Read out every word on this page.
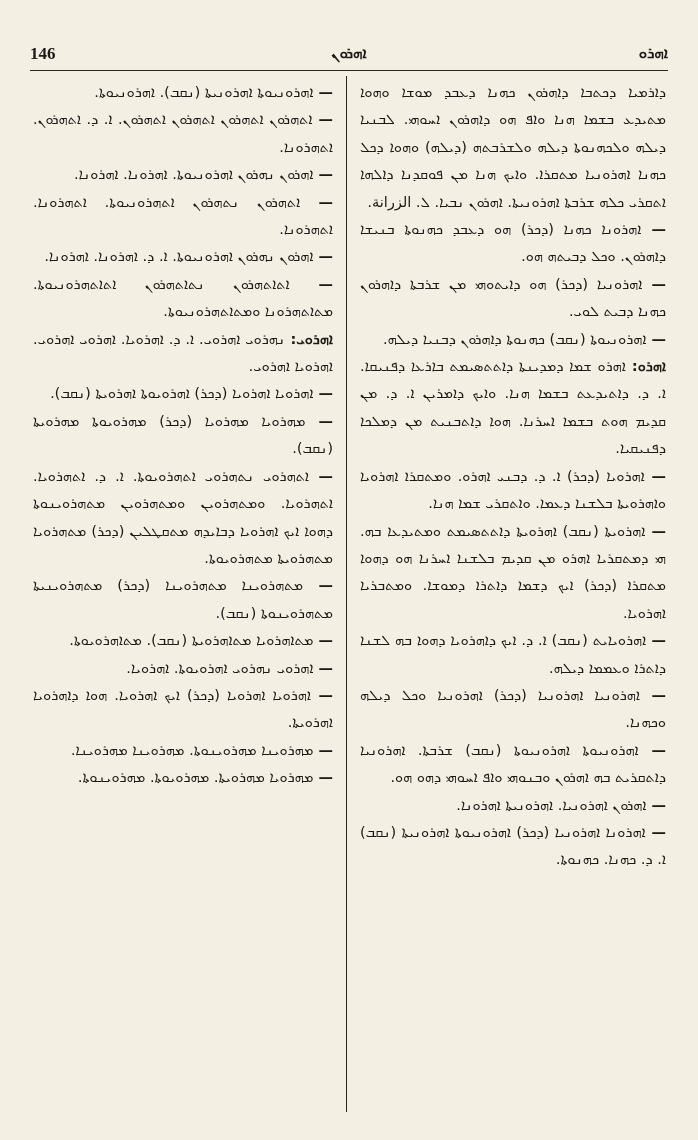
146	ܐܗܪܘܢ	ܐܗܪܘ

ܕܐܪܡܝܐ ܕܟܬܒܐ ܕܐܗܪܘܢ ܟܗܢܐ ܕܥܒܕ ܡܘܫܐ ܘܗܘܐ ܡܬܝܕܥ ܒܫܡܐ ܗܢܐ ܘܐܦ ܗܘ ܕܐܗܪܘܢ ܐܚܘܗܝ. ܠܒܢܝܐ ܕܝܠܗ ܘܠܟܗܢܘܬܐ ܕܝܠܗ ܘܠܫܪܒܬܗ (ܕܝܠܗ) ܘܗܘܐ ܕܟܠ ܟܗܢܐ ܐܗܪܘܢܝܐ ܡܬܩܪܐ. ܘܐܝܟ ܗܢܐ ܡܢ ܦܘܩܕܢܐ ܕܐܠܗܐ ܐܬܩܪܝ ܟܠܗ ܫܪܒܬܐ ܐܗܪܘܢܝܬܐ. ܐܗܪܘܢ ܢܒܝܐ. ܠ. الزرانة.

— ܐܗܪܘܢܐ ܟܗܢܐ (ܕܟܪ) ܗܘ ܕܥܒܕ ܟܗܢܘܬܐ ܒܢܝܫܐ ܕܐܗܪܘܢ. ܘܟܠ ܕܒܝܬܗ ܗܘ.

— ܐܗܪܘܢܝܐ (ܕܟܪ) ܗܘ ܕܐܝܬܘܗܝ ܡܢ ܫܪܒܬܐ ܕܐܗܪܘܢ ܟܗܢܐ ܕܒܝܬ ܠܘܝ.

— ܐܗܪܘܢܝܘܬܐ (ܢܩܒ) ܟܗܢܘܬܐ ܕܐܗܪܘܢ ܕܒܢܝܐ ܕܝܠܗ.

ܐܗܪܘ: ܐܗܪܘ ܫܡܐ ܕܡܕܝܢܬܐ ܕܐܬܬܣܝܡܬ ܒܐܪܥܐ ܕܦܢܝܩܐ. ܐ. ܕ. ܕܐܬܝܕܥܬ ܒܫܡܐ ܗܢܐ. ܘܐܝܟ ܕܐܡܪܝܢ ܐ. ܕ. ܡܢ ܩܕܝܡ ܗܘܬ ܒܫܡܐ ܐܚܪܢܐ. ܗܘܐ ܕܐܬܒܢܝܬ ܡܢ ܕܡܠܟܐ ܕܦܢܝܩܝܐ.

— ܐܗܪܘܝܐ (ܕܟܪ) ܐ. ܕ. ܕܒܢܝ ܐܗܪܘ. ܘܡܬܩܪܐ ܐܗܪܘܝܐ ܘܐܗܪܘܝܬܐ ܒܠܫܢܐ ܕܥܡܐ. ܘܐܬܩܪܝ ܫܡܐ ܗܢܐ.

— ܐܗܪܘܝܬܐ (ܢܩܒ) ܐܗܪܘܝܬܐ ܕܐܬܬܣܝܡܬ ܘܡܬܝܕܥܐ ܒܗ. ܗܝ ܕܡܬܩܪܝܐ ܐܗܪܘ ܡܢ ܩܕܝܡ ܒܠܫܢܐ ܐܚܪܢܐ ܗܘ ܕܗܘܐ ܡܬܩܪܐ (ܕܟܪ) ܐܝܟ ܕܫܡܐ ܕܐܬܪܐ ܕܡܘܫܐ. ܘܡܬܒܪܝܐ ܐܗܪܘܝܐ.

— ܐܗܪܘܝܐܝܬ (ܢܩܒ) ܐ. ܕ. ܐܝܟ ܕܐܗܪܘܝܐ ܕܗܘܐ ܒܗ ܠܫܢܐ ܕܐܬܪܐ ܘܥܡܡܐ ܕܝܠܗ.

— ܐܗܪܘܢܝܐ ܐܗܪܘܢܝܐ (ܕܟܪ) ܐܗܪܘܢܝܐ ܘܟܠ ܕܝܠܗ ܘܟܗܢܐ.

— ܐܗܪܘܢܝܘܬܐ ܐܗܪܘܢܝܘܬܐ (ܢܩܒ) ܫܪܒܬܐ. ܐܗܪܘܢܝܐ ܕܐܬܩܪܝܬ ܒܗ ܐܗܪܘܢ ܘܒܢܘܗܝ ܘܐܦ ܐܚܘܗܝ ܕܗܘ ܗܘ.

— ܐܗܪܘܢ ܐܗܪܘܢܝܐ. ܐܗܪܘܢܝܬܐ ܐܗܪܘܢܐ.

— ܐܗܪܘܢܐ ܐܗܪܘܢܝܐ (ܕܟܪ) ܐܗܪܘܢܝܘܬܐ ܐܗܪܘܢܝܬܐ (ܢܩܒ) ܐ. ܕ. ܟܗܢܐ. ܟܗܢܘܬܐ.

— ܐܗܪܘܢܝܘܬܐ ܐܗܪܘܢܝܬܐ (ܢܩܒ). ܐܗܪܘܢܝܘܬܐ.

— ܐܬܗܪܘܢ ܐܬܗܪܘܢ ܐܬܗܪܘܢ ܐܬܗܪܘܢ. ܐ. ܕ. ܐܬܗܪܘܢ. ܐܬܗܪܘܢܐ.

— ܐܗܪܘܢ ܢܗܪܘܢ ܐܗܪܘܢܝܘܬܐ. ܐܗܪܘܢܐ. ܐܗܪܘܢܐ.

— ܐܬܗܪܘܢ ܢܬܗܪܘܢ ܐܬܗܪܘܢܝܘܬܐ. ܐܬܗܪܘܢܐ. ܐܬܗܪܘܢܐ.

— ܐܗܪܘܢ ܢܗܪܘܢ ܐܗܪܘܢܝܘܬܐ. ܐ. ܕ. ܐܗܪܘܢܐ. ܐܗܪܘܢܐ.

— ܐܬܐܬܗܪܘܢ ܢܬܐܬܗܪܘܢ ܐܬܐܬܗܪܘܢܝܘܬܐ. ܡܬܐܬܗܪܘܢܐ ܘܡܬܐܬܗܪܘܢܝܘܬܐ.

ܐܗܪܘܝ: ܢܗܪܘܝ ܐܗܪܘܝ. ܐ. ܕ. ܐܗܪܘܝܐ. ܐܗܪܘܝ ܐܗܪܘܝ. ܐܗܪܘܝܐ ܐܗܪܘܝ.

— ܐܗܪܘܝܐ ܐܗܪܘܝܐ (ܕܟܪ) ܐܗܪܘܝܘܬܐ ܐܗܪܘܝܬܐ (ܢܩܒ).

— ܡܗܪܘܝܐ ܡܗܪܘܝܐ (ܕܟܪ) ܡܗܪܘܝܘܬܐ ܡܗܪܘܝܬܐ (ܢܩܒ).

— ܐܬܗܪܘܝ ܢܬܗܪܘܝ ܐܬܗܪܘܝܘܬܐ. ܐ. ܕ. ܐܬܗܪܘܝܐ. ܐܬܗܪܘܝܐ. ܘܡܬܗܪܘܝܢ ܘܡܬܗܪܘܝܢ ܡܬܗܪܘܝܢܘܬܐ ܕܗܘܐ ܐܝܟ ܐܗܪܘܝܐ ܕܒܐܝܕܗ ܡܬܩܛܠܝܢ (ܕܟܪ) ܡܬܗܪܘܝܐ ܡܬܗܪܘܝܬܐ ܡܬܗܪܘܝܘܬܐ.

— ܡܬܗܪܘܝܢܐ ܡܬܗܪܘܝܢܐ (ܕܟܪ) ܡܬܗܪܘܝܢܝܬܐ ܡܬܗܪܘܝܢܘܬܐ (ܢܩܒ).

— ܡܬܐܗܪܘܝܐ ܡܬܐܗܪܘܝܬܐ (ܢܩܒ). ܡܬܐܗܪܘܝܘܬܐ.

— ܐܗܪܘܝ ܢܗܪܘܝ ܐܗܪܘܝܘܬܐ. ܐܗܪܘܝܐ.

— ܐܗܪܘܝܐ ܐܗܪܘܝܐ (ܕܟܪ) ܐܝܟ ܐܗܪܘܝܐ. ܗܘܐ ܕܐܗܪܘܝܐ ܐܗܪܘܝܬܐ.

— ܡܗܪܘܝܢܐ ܡܗܪܘܝܢܘܬܐ. ܡܗܪܘܝܢܐ ܡܗܪܘܝܢܐ.

— ܡܗܪܘܝܐ ܡܗܪܘܝܬܐ. ܡܗܪܘܝܘܬܐ. ܡܗܪܘܝܢܘܬܐ.
